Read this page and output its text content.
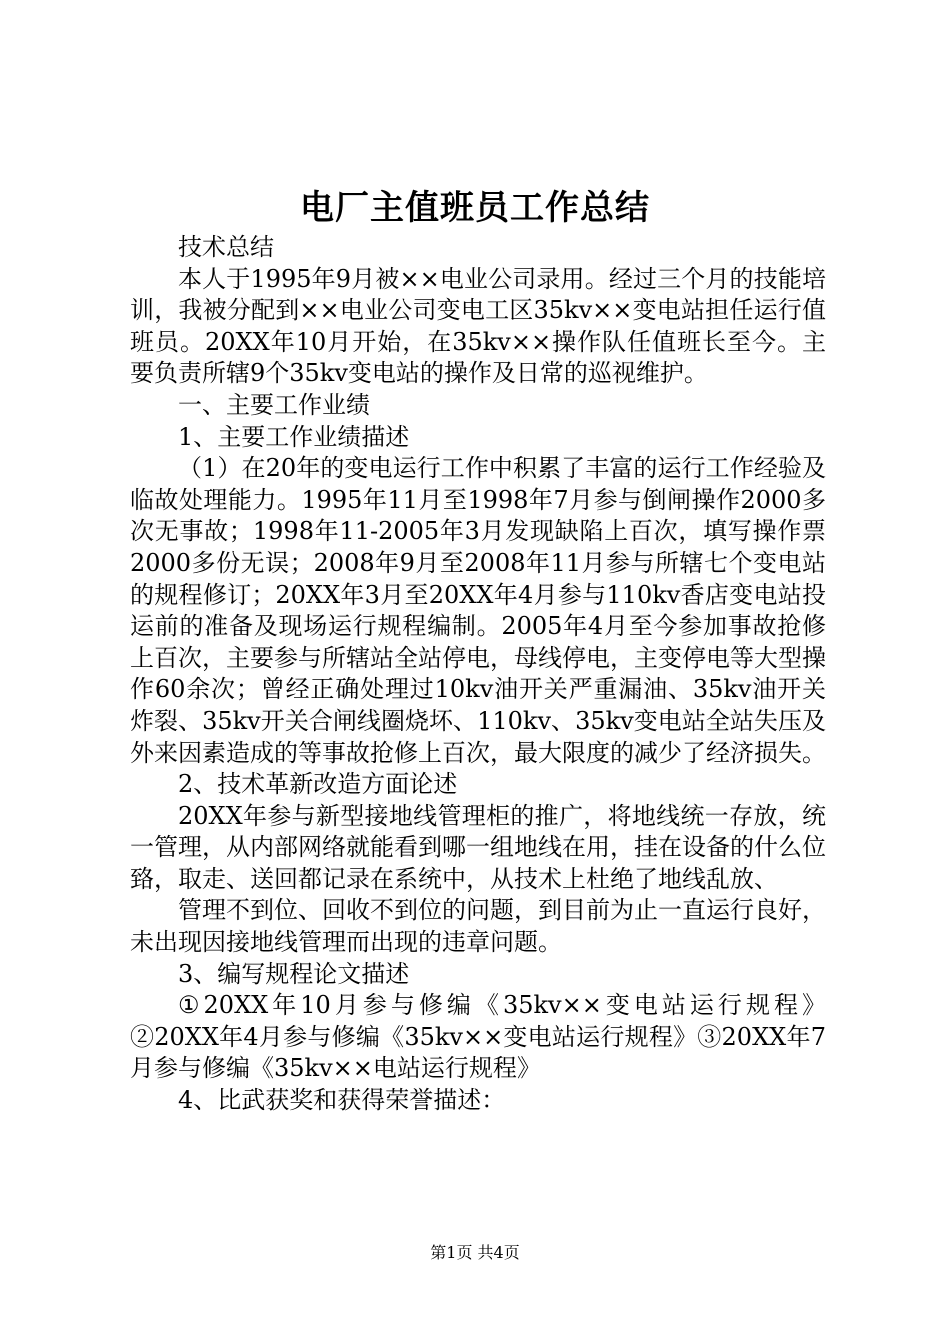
电厂主值班员工作总结

技术总结

本人于1995年9月被××电业公司录用。经过三个月的技能培训，我被分配到××电业公司变电工区35kv××变电站担任运行值班员。20XX年10月开始，在35kv××操作队任值班长至今。主要负责所辖9个35kv变电站的操作及日常的巡视维护。

一、主要工作业绩

1、主要工作业绩描述

（1）在20年的变电运行工作中积累了丰富的运行工作经验及临故处理能力。1995年11月至1998年7月参与倒闸操作2000多次无事故；1998年11-2005年3月发现缺陷上百次，填写操作票2000多份无误；2008年9月至2008年11月参与所辖七个变电站的规程修订；20XX年3月至20XX年4月参与110kv香店变电站投运前的准备及现场运行规程编制。2005年4月至今参加事故抢修上百次，主要参与所辖站全站停电，母线停电，主变停电等大型操作60余次；曾经正确处理过10kv油开关严重漏油、35kv油开关炸裂、35kv开关合闸线圈烧坏、110kv、35kv变电站全站失压及外来因素造成的等事故抢修上百次，最大限度的减少了经济损失。

2、技术革新改造方面论述

20XX年参与新型接地线管理柜的推广，将地线统一存放，统一管理，从内部网络就能看到哪一组地线在用，挂在设备的什么位臵，取走、送回都记录在系统中，从技术上杜绝了地线乱放、

管理不到位、回收不到位的问题，到目前为止一直运行良好，未出现因接地线管理而出现的违章问题。

3、编写规程论文描述

①20XX年10月参与修编《35kv××变电站运行规程》②20XX年4月参与修编《35kv××变电站运行规程》③20XX年7月参与修编《35kv××电站运行规程》

4、比武获奖和获得荣誉描述：

第1页 共4页
